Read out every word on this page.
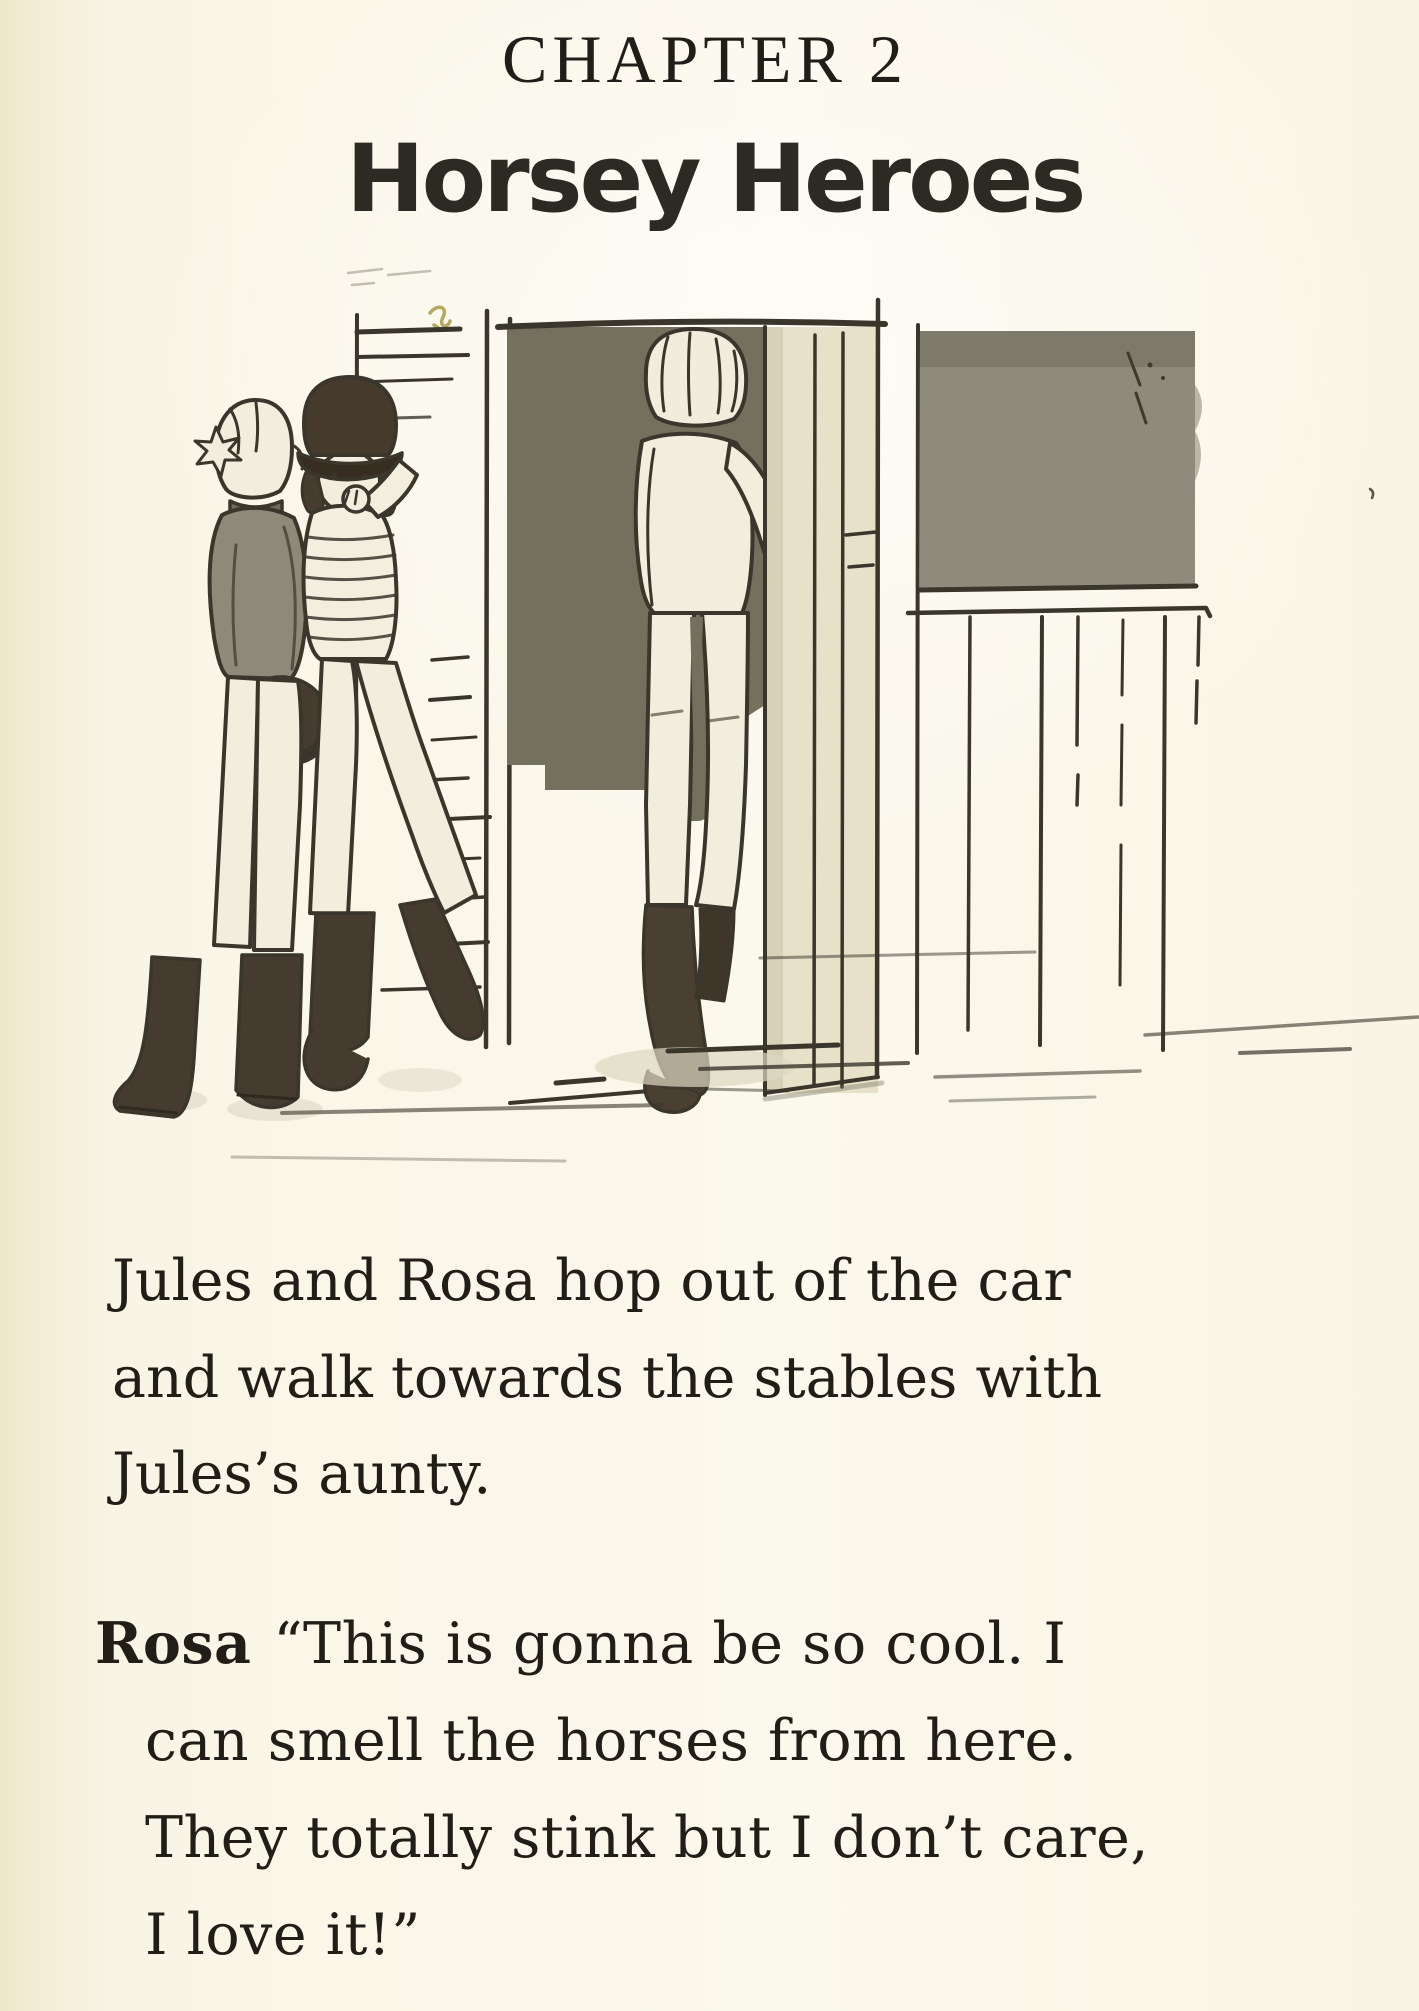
CHAPTER 2
Horsey Heroes
Jules and Rosa hop out of the car
and walk towards the stables with
Jules’s aunty.
Rosa “This is gonna be so cool. I
can smell the horses from here.
They totally stink but I don’t care,
I love it!”
